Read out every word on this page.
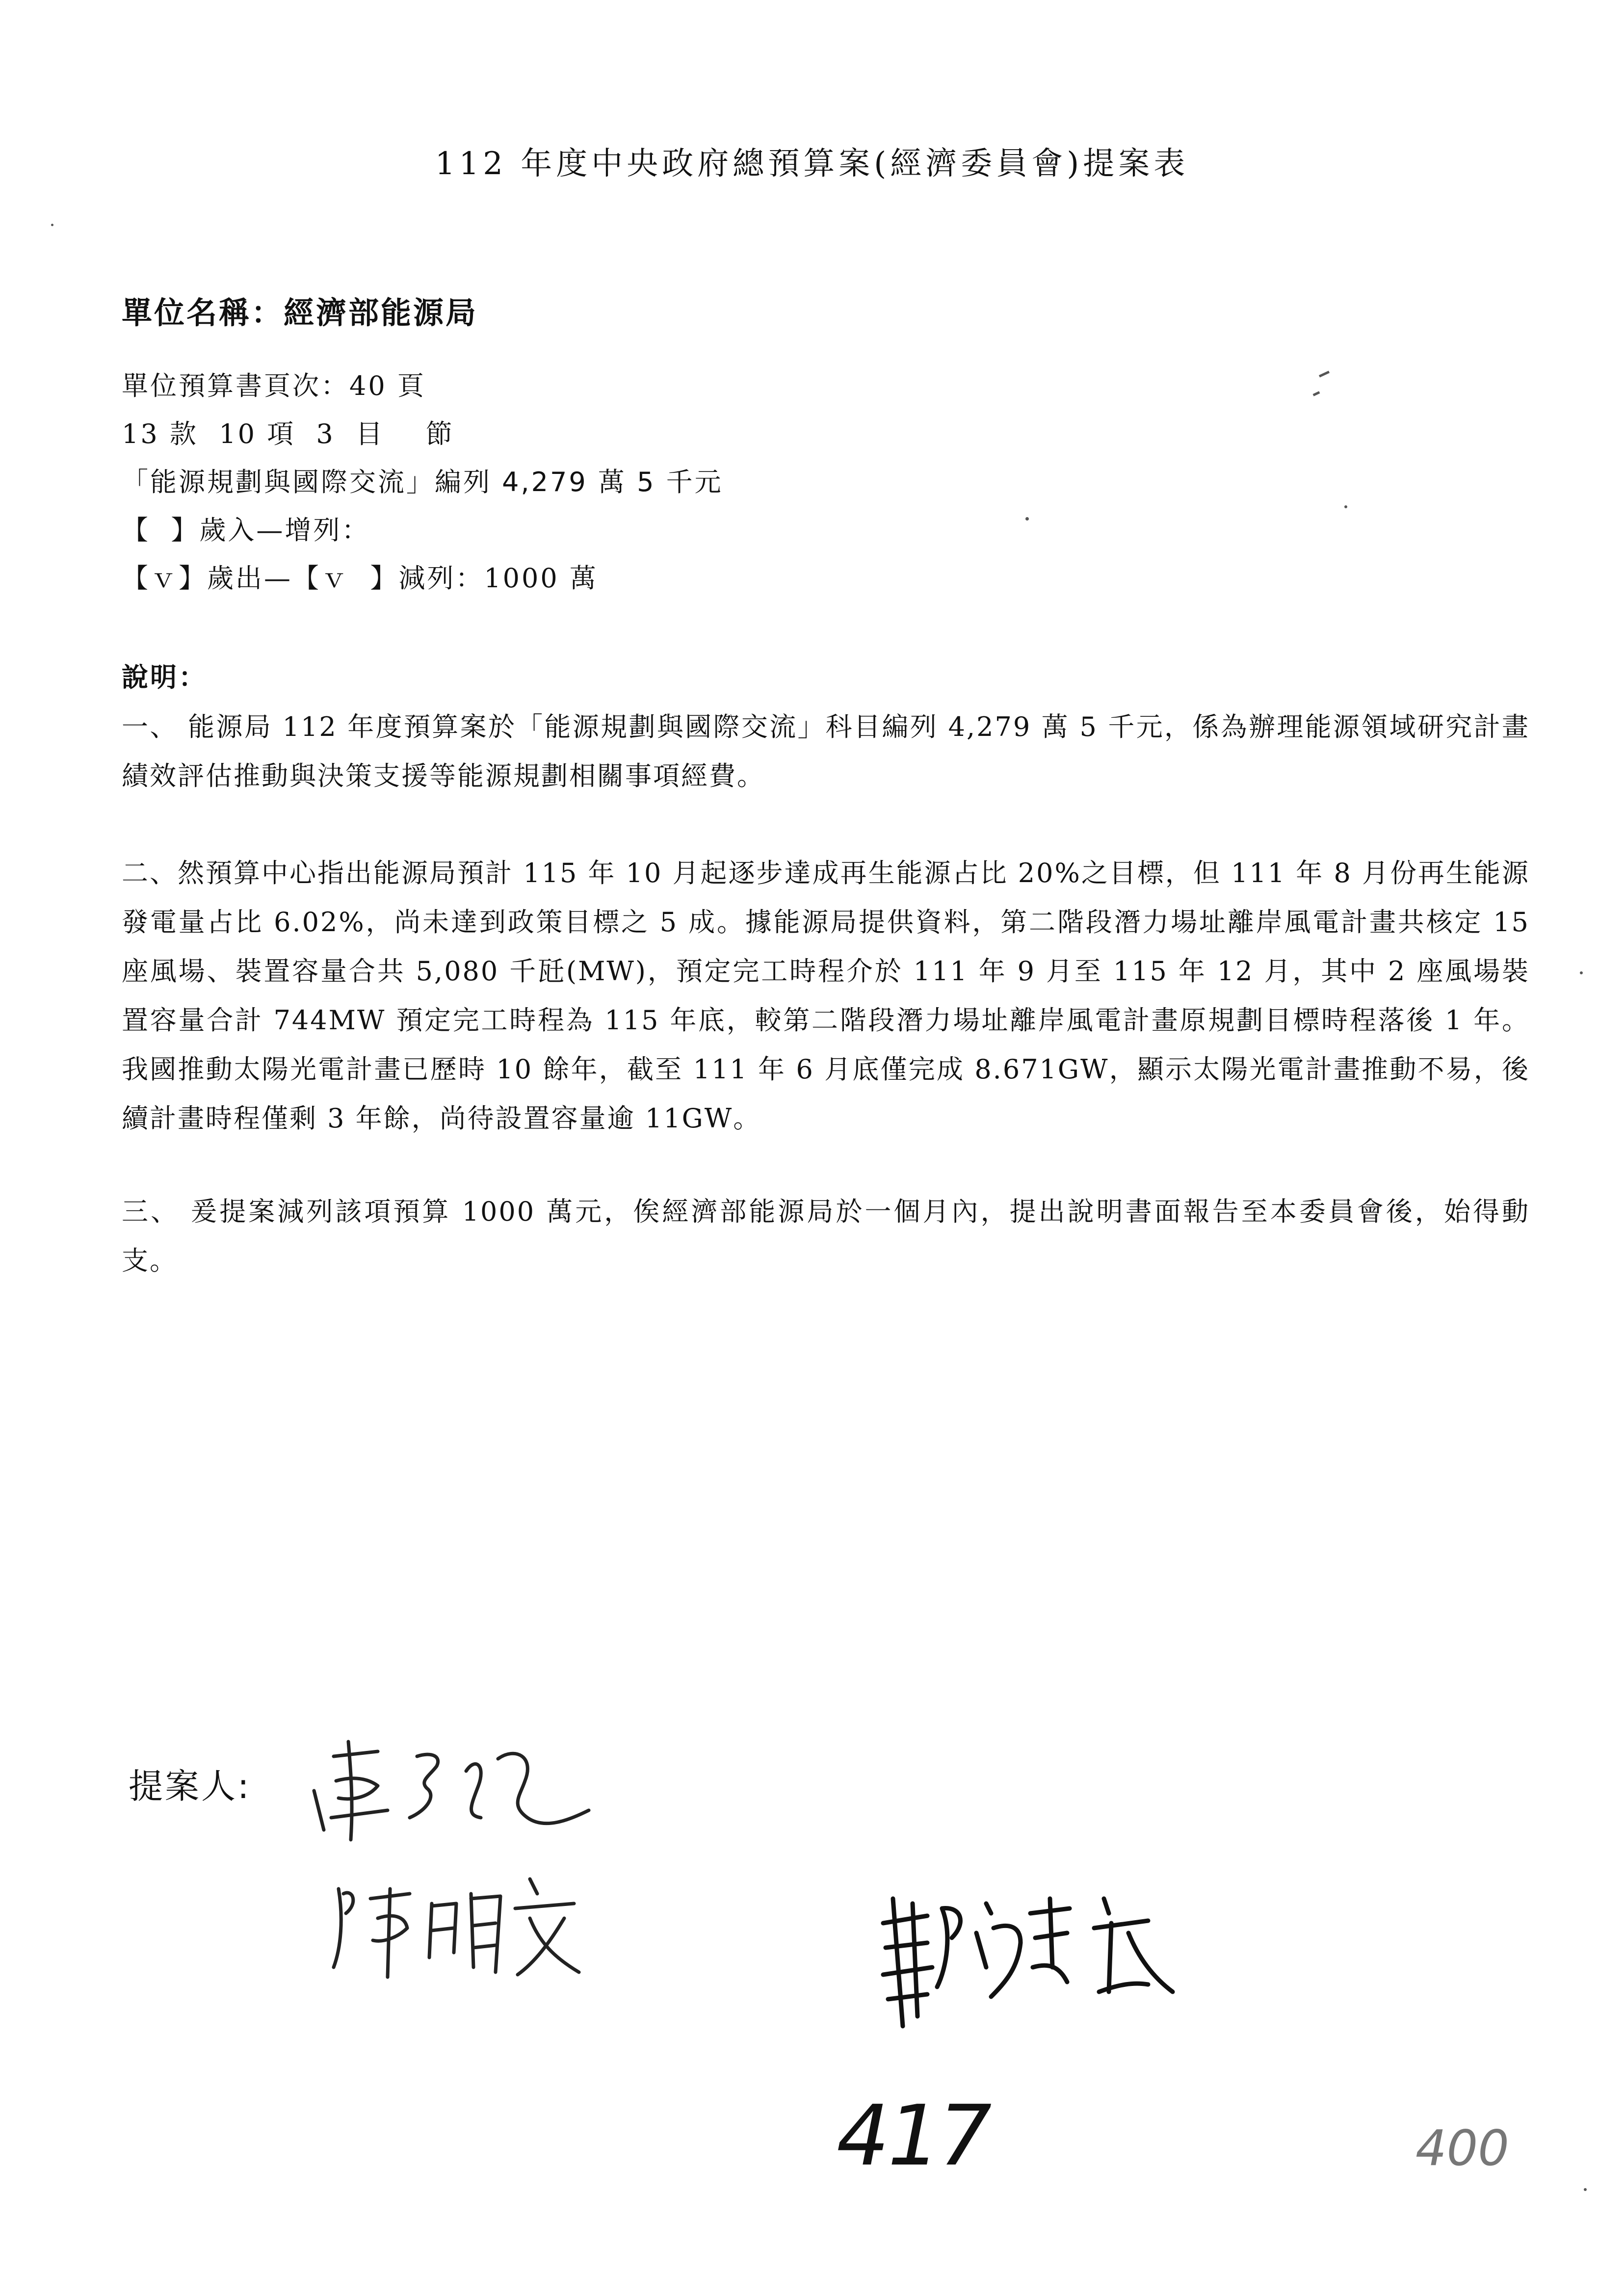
112 年度中央政府總預算案(經濟委員會)提案表
單位名稱：經濟部能源局
單位預算書頁次：40 頁
13 款  10 項  3  目    節
「能源規劃與國際交流」編列 4,279 萬 5 千元
【  】歲入—增列：
【ｖ】歲出—【ｖ  】減列：1000 萬
說明：

一、 能源局 112 年度預算案於「能源規劃與國際交流」科目編列 4,279 萬 5 千元，係為辦理能源領域研究計畫績效評估推動與決策支援等能源規劃相關事項經費。

二、然預算中心指出能源局預計 115 年 10 月起逐步達成再生能源占比 20%之目標，但 111 年 8 月份再生能源發電量占比 6.02%，尚未達到政策目標之 5 成。據能源局提供資料，第二階段潛力場址離岸風電計畫共核定 15 座風場、裝置容量合共 5,080 千瓩(MW)，預定完工時程介於 111 年 9 月至 115 年 12 月，其中 2 座風場裝置容量合計 744MW 預定完工時程為 115 年底，較第二階段潛力場址離岸風電計畫原規劃目標時程落後 1 年。我國推動太陽光電計畫已歷時 10 餘年，截至 111 年 6 月底僅完成 8.671GW，顯示太陽光電計畫推動不易，後續計畫時程僅剩 3 年餘，尚待設置容量逾 11GW。

三、 爰提案減列該項預算 1000 萬元，俟經濟部能源局於一個月內，提出說明書面報告至本委員會後，始得動支。

提案人:
417	400
